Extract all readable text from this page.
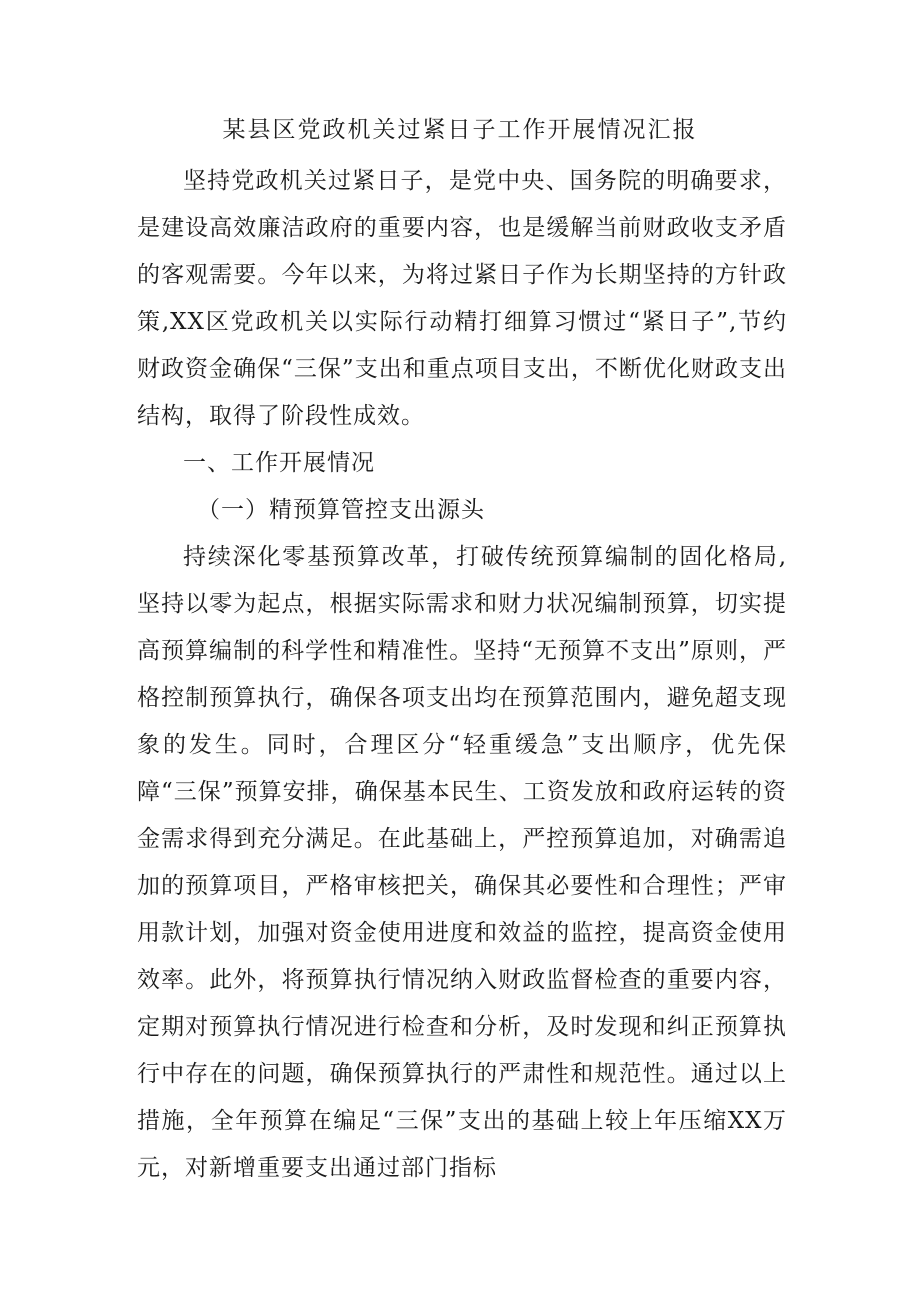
某县区党政机关过紧日子工作开展情况汇报

坚持党政机关过紧日子，是党中央、国务院的明确要求，是建设高效廉洁政府的重要内容，也是缓解当前财政收支矛盾的客观需要。今年以来，为将过紧日子作为长期坚持的方针政策,XX区党政机关以实际行动精打细算习惯过“紧日子”,节约财政资金确保“三保”支出和重点项目支出，不断优化财政支出结构，取得了阶段性成效。

一、工作开展情况

（一）精预算管控支出源头

持续深化零基预算改革，打破传统预算编制的固化格局,坚持以零为起点，根据实际需求和财力状况编制预算，切实提高预算编制的科学性和精准性。坚持“无预算不支出”原则，严格控制预算执行，确保各项支出均在预算范围内，避免超支现象的发生。同时，合理区分“轻重缓急”支出顺序，优先保障“三保”预算安排，确保基本民生、工资发放和政府运转的资金需求得到充分满足。在此基础上，严控预算追加，对确需追加的预算项目，严格审核把关，确保其必要性和合理性；严审用款计划，加强对资金使用进度和效益的监控，提高资金使用效率。此外，将预算执行情况纳入财政监督检查的重要内容，定期对预算执行情况进行检查和分析，及时发现和纠正预算执行中存在的问题，确保预算执行的严肃性和规范性。通过以上措施，全年预算在编足“三保”支出的基础上较上年压缩XX万元，对新增重要支出通过部门指标
